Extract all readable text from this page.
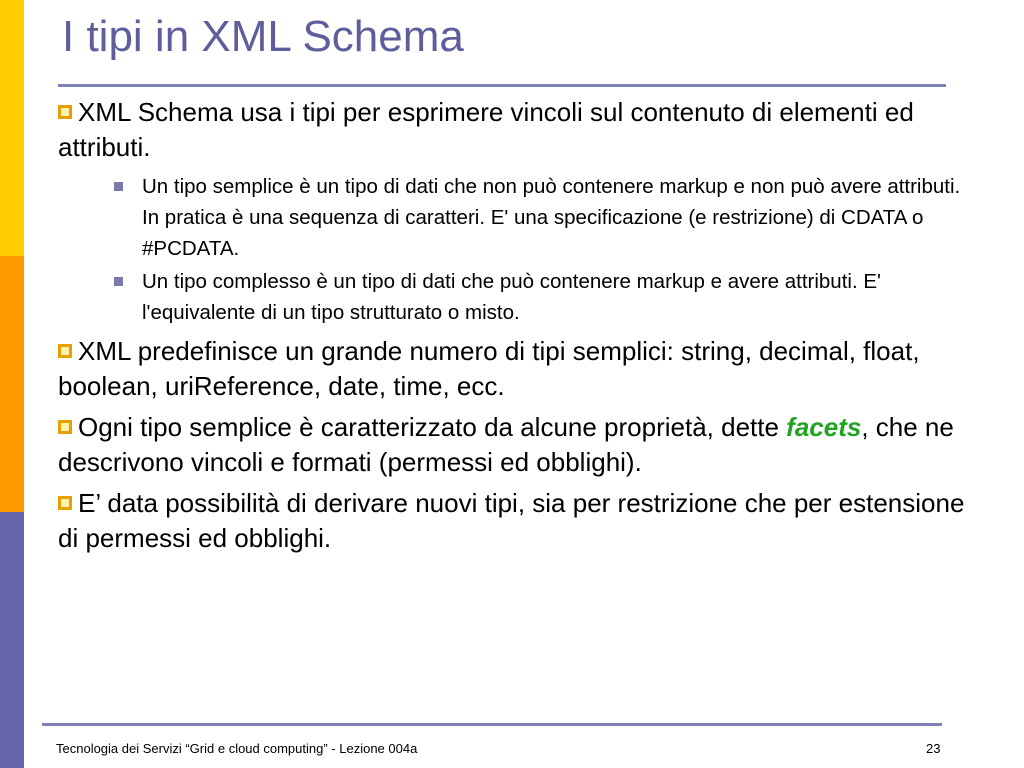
I tipi in XML Schema
XML Schema usa i tipi per esprimere vincoli sul contenuto di elementi ed attributi.
Un tipo semplice è un tipo di dati che non può contenere markup e non può avere attributi. In pratica è una sequenza di caratteri. E' una specificazione (e restrizione) di CDATA o #PCDATA.
Un tipo complesso è un tipo di dati che può contenere markup e avere attributi. E' l'equivalente di un tipo strutturato o misto.
XML predefinisce un grande numero di tipi semplici: string, decimal, float, boolean, uriReference, date, time, ecc.
Ogni tipo semplice è caratterizzato da alcune proprietà, dette facets, che ne descrivono vincoli e formati (permessi ed obblighi).
E’ data possibilità di derivare nuovi tipi, sia per restrizione che per estensione di permessi ed obblighi.
Tecnologia dei Servizi “Grid e cloud computing” - Lezione 004a	23
